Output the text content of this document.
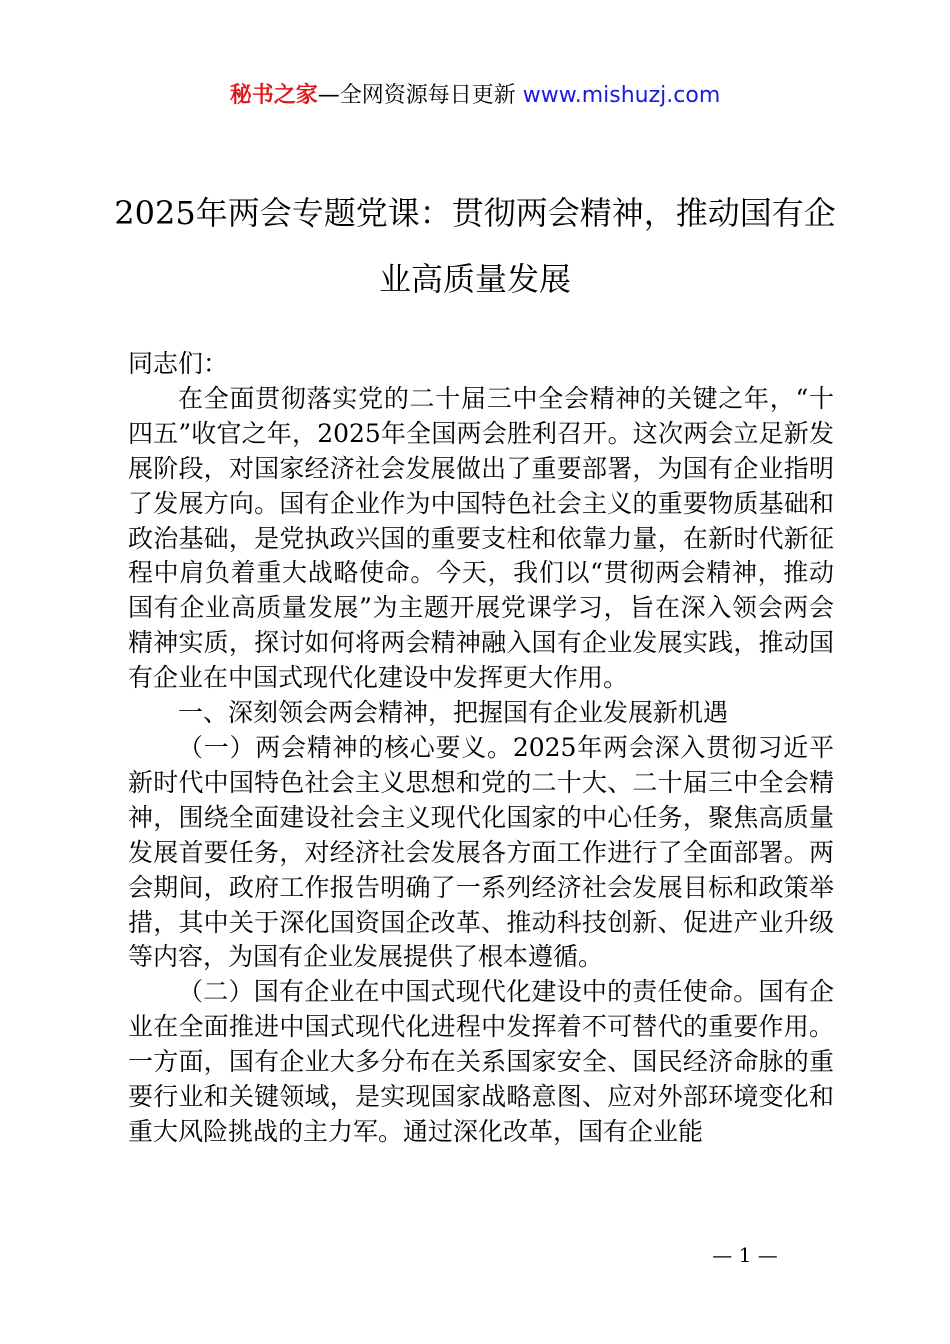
秘书之家—全网资源每日更新 www.mishuzj.com
2025年两会专题党课：贯彻两会精神，推动国有企业高质量发展

同志们：

在全面贯彻落实党的二十届三中全会精神的关键之年，“十四五”收官之年，2025年全国两会胜利召开。这次两会立足新发展阶段，对国家经济社会发展做出了重要部署，为国有企业指明了发展方向。国有企业作为中国特色社会主义的重要物质基础和政治基础，是党执政兴国的重要支柱和依靠力量，在新时代新征程中肩负着重大战略使命。今天，我们以“贯彻两会精神，推动国有企业高质量发展”为主题开展党课学习，旨在深入领会两会精神实质，探讨如何将两会精神融入国有企业发展实践，推动国有企业在中国式现代化建设中发挥更大作用。

一、深刻领会两会精神，把握国有企业发展新机遇

（一）两会精神的核心要义。2025年两会深入贯彻习近平新时代中国特色社会主义思想和党的二十大、二十届三中全会精神，围绕全面建设社会主义现代化国家的中心任务，聚焦高质量发展首要任务，对经济社会发展各方面工作进行了全面部署。两会期间，政府工作报告明确了一系列经济社会发展目标和政策举措，其中关于深化国资国企改革、推动科技创新、促进产业升级等内容，为国有企业发展提供了根本遵循。

（二）国有企业在中国式现代化建设中的责任使命。国有企业在全面推进中国式现代化进程中发挥着不可替代的重要作用。一方面，国有企业大多分布在关系国家安全、国民经济命脉的重要行业和关键领域，是实现国家战略意图、应对外部环境变化和重大风险挑战的主力军。通过深化改革，国有企业能

— 1 —
